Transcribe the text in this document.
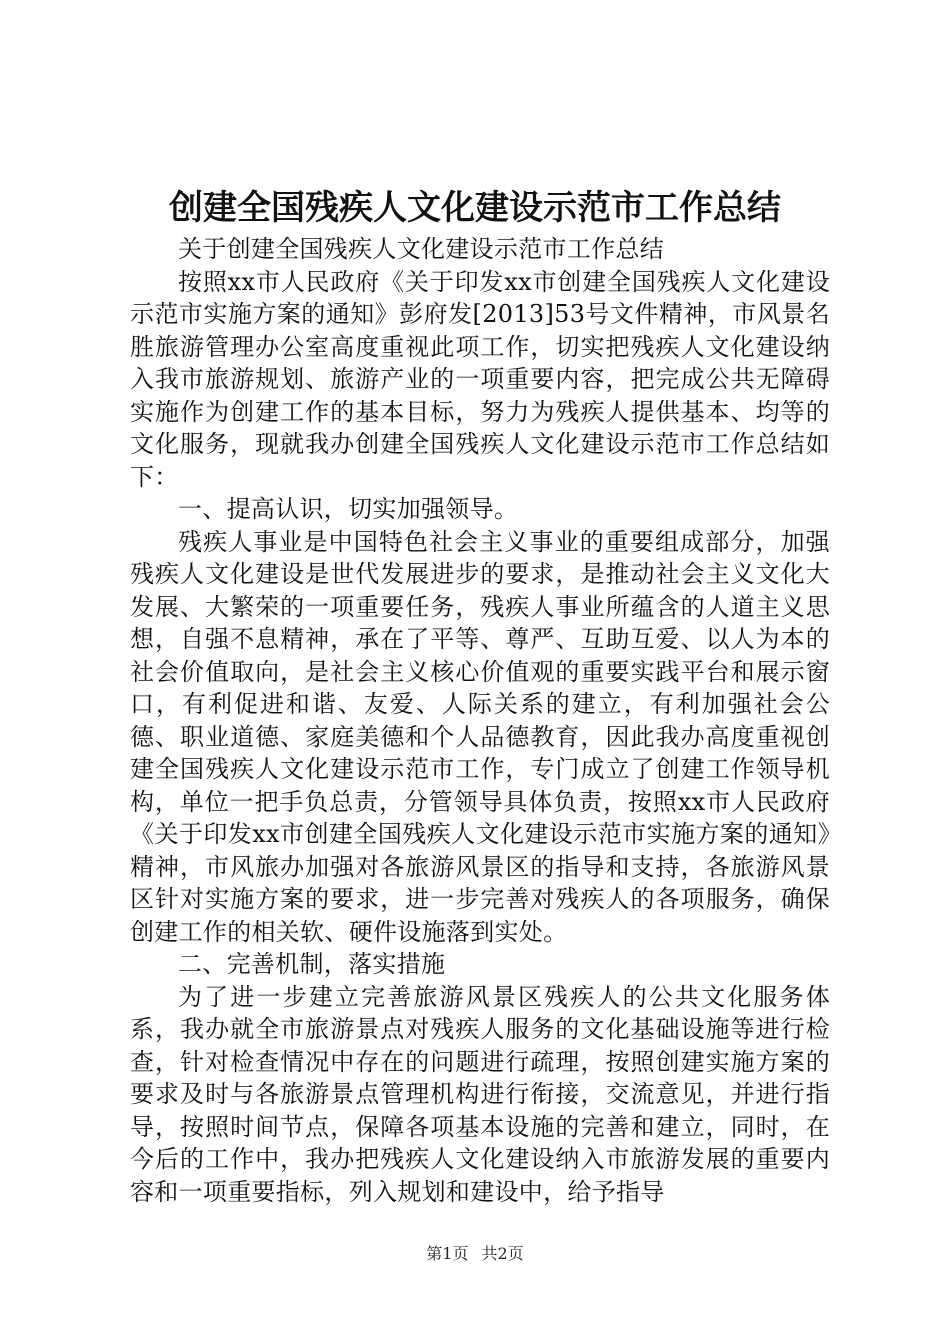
创建全国残疾人文化建设示范市工作总结

关于创建全国残疾人文化建设示范市工作总结

按照xx市人民政府《关于印发xx市创建全国残疾人文化建设示范市实施方案的通知》彭府发[2013]53号文件精神，市风景名胜旅游管理办公室高度重视此项工作，切实把残疾人文化建设纳入我市旅游规划、旅游产业的一项重要内容，把完成公共无障碍实施作为创建工作的基本目标，努力为残疾人提供基本、均等的文化服务，现就我办创建全国残疾人文化建设示范市工作总结如下：

一、提高认识，切实加强领导。

残疾人事业是中国特色社会主义事业的重要组成部分，加强残疾人文化建设是世代发展进步的要求，是推动社会主义文化大发展、大繁荣的一项重要任务，残疾人事业所蕴含的人道主义思想，自强不息精神，承在了平等、尊严、互助互爱、以人为本的社会价值取向，是社会主义核心价值观的重要实践平台和展示窗口，有利促进和谐、友爱、人际关系的建立，有利加强社会公德、职业道德、家庭美德和个人品德教育，因此我办高度重视创建全国残疾人文化建设示范市工作，专门成立了创建工作领导机构，单位一把手负总责，分管领导具体负责，按照xx市人民政府《关于印发xx市创建全国残疾人文化建设示范市实施方案的通知》精神，市风旅办加强对各旅游风景区的指导和支持，各旅游风景区针对实施方案的要求，进一步完善对残疾人的各项服务，确保创建工作的相关软、硬件设施落到实处。

二、完善机制，落实措施

为了进一步建立完善旅游风景区残疾人的公共文化服务体系，我办就全市旅游景点对残疾人服务的文化基础设施等进行检查，针对检查情况中存在的问题进行疏理，按照创建实施方案的要求及时与各旅游景点管理机构进行衔接，交流意见，并进行指导，按照时间节点，保障各项基本设施的完善和建立，同时，在今后的工作中，我办把残疾人文化建设纳入市旅游发展的重要内容和一项重要指标，列入规划和建设中，给予指导

第1页 共2页
